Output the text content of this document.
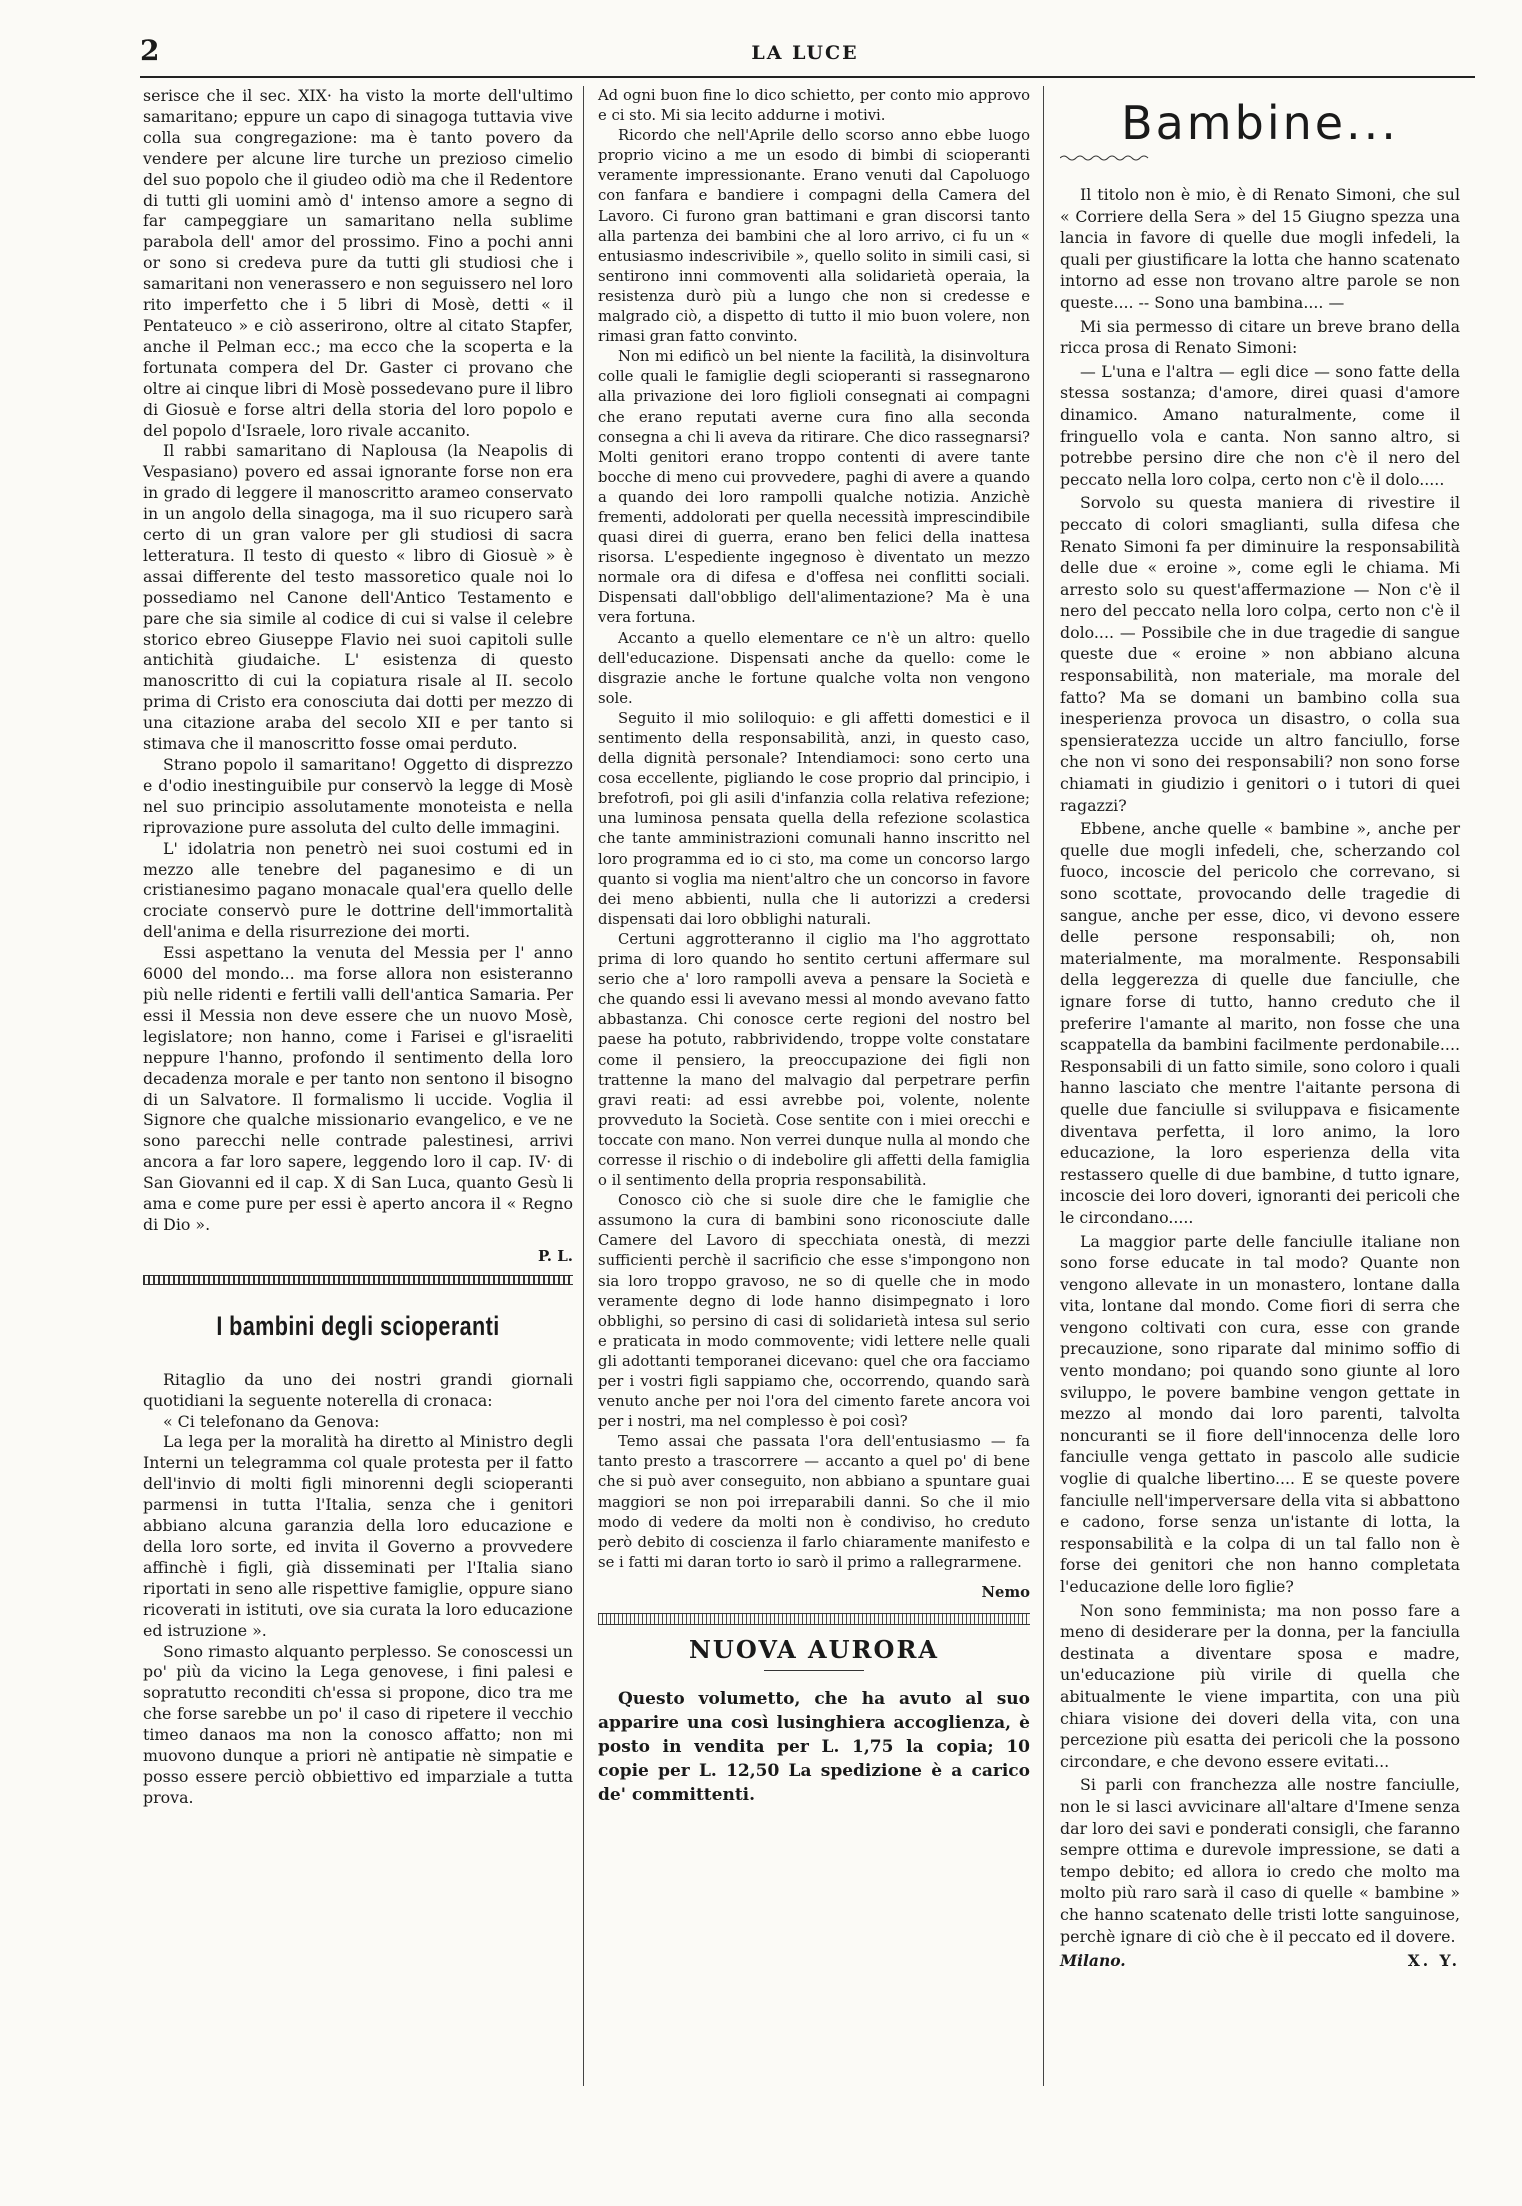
2	LA LUCE

serisce che il sec. XIX· ha visto la morte dell'ultimo samaritano; eppure un capo di sinagoga tuttavia vive colla sua congregazione: ma è tanto povero da vendere per alcune lire turche un prezioso cimelio del suo popolo che il giudeo odiò ma che il Redentore di tutti gli uomini amò d' intenso amore a segno di far campeggiare un samaritano nella sublime parabola dell' amor del prossimo. Fino a pochi anni or sono si credeva pure da tutti gli studiosi che i samaritani non venerassero e non seguissero nel loro rito imperfetto che i 5 libri di Mosè, detti « il Pentateuco » e ciò asserirono, oltre al citato Stapfer, anche il Pelman ecc.; ma ecco che la scoperta e la fortunata compera del Dr. Gaster ci provano che oltre ai cinque libri di Mosè possedevano pure il libro di Giosuè e forse altri della storia del loro popolo e del popolo d'Israele, loro rivale accanito.

Il rabbi samaritano di Naplousa (la Neapolis di Vespasiano) povero ed assai ignorante forse non era in grado di leggere il manoscritto arameo conservato in un angolo della sinagoga, ma il suo ricupero sarà certo di un gran valore per gli studiosi di sacra letteratura. Il testo di questo « libro di Giosuè » è assai differente del testo massoretico quale noi lo possediamo nel Canone dell'Antico Testamento e pare che sia simile al codice di cui si valse il celebre storico ebreo Giuseppe Flavio nei suoi capitoli sulle antichità giudaiche. L' esistenza di questo manoscritto di cui la copiatura risale al II. secolo prima di Cristo era conosciuta dai dotti per mezzo di una citazione araba del secolo XII e per tanto si stimava che il manoscritto fosse omai perduto.

Strano popolo il samaritano! Oggetto di disprezzo e d'odio inestinguibile pur conservò la legge di Mosè nel suo principio assolutamente monoteista e nella riprovazione pure assoluta del culto delle immagini.

L' idolatria non penetrò nei suoi costumi ed in mezzo alle tenebre del paganesimo e di un cristianesimo pagano monacale qual'era quello delle crociate conservò pure le dottrine dell'immortalità dell'anima e della risurrezione dei morti.

Essi aspettano la venuta del Messia per l' anno 6000 del mondo... ma forse allora non esisteranno più nelle ridenti e fertili valli dell'antica Samaria. Per essi il Messia non deve essere che un nuovo Mosè, legislatore; non hanno, come i Farisei e gl'israeliti neppure l'hanno, profondo il sentimento della loro decadenza morale e per tanto non sentono il bisogno di un Salvatore. Il formalismo li uccide. Voglia il Signore che qualche missionario evangelico, e ve ne sono parecchi nelle contrade palestinesi, arrivi ancora a far loro sapere, leggendo loro il cap. IV· di San Giovanni ed il cap. X di San Luca, quanto Gesù li ama e come pure per essi è aperto ancora il « Regno di Dio ».

P. L.

I bambini degli scioperanti

Ritaglio da uno dei nostri grandi giornali quotidiani la seguente noterella di cronaca:

« Ci telefonano da Genova:

La lega per la moralità ha diretto al Ministro degli Interni un telegramma col quale protesta per il fatto dell'invio di molti figli minorenni degli scioperanti parmensi in tutta l'Italia, senza che i genitori abbiano alcuna garanzia della loro educazione e della loro sorte, ed invita il Governo a provvedere affinchè i figli, già disseminati per l'Italia siano riportati in seno alle rispettive famiglie, oppure siano ricoverati in istituti, ove sia curata la loro educazione ed istruzione ».

Sono rimasto alquanto perplesso. Se conoscessi un po' più da vicino la Lega genovese, i fini palesi e sopratutto reconditi ch'essa si propone, dico tra me che forse sarebbe un po' il caso di ripetere il vecchio timeo danaos ma non la conosco affatto; non mi muovono dunque a priori nè antipatie nè simpatie e posso essere perciò obbiettivo ed imparziale a tutta prova.

Ad ogni buon fine lo dico schietto, per conto mio approvo e ci sto. Mi sia lecito addurne i motivi.

Ricordo che nell'Aprile dello scorso anno ebbe luogo proprio vicino a me un esodo di bimbi di scioperanti veramente impressionante. Erano venuti dal Capoluogo con fanfara e bandiere i compagni della Camera del Lavoro. Ci furono gran battimani e gran discorsi tanto alla partenza dei bambini che al loro arrivo, ci fu un « entusiasmo indescrivibile », quello solito in simili casi, si sentirono inni commoventi alla solidarietà operaia, la resistenza durò più a lungo che non si credesse e malgrado ciò, a dispetto di tutto il mio buon volere, non rimasi gran fatto convinto.

Non mi edificò un bel niente la facilità, la disinvoltura colle quali le famiglie degli scioperanti si rassegnarono alla privazione dei loro figlioli consegnati ai compagni che erano reputati averne cura fino alla seconda consegna a chi li aveva da ritirare. Che dico rassegnarsi? Molti genitori erano troppo contenti di avere tante bocche di meno cui provvedere, paghi di avere a quando a quando dei loro rampolli qualche notizia. Anzichè frementi, addolorati per quella necessità imprescindibile quasi direi di guerra, erano ben felici della inattesa risorsa. L'espediente ingegnoso è diventato un mezzo normale ora di difesa e d'offesa nei conflitti sociali. Dispensati dall'obbligo dell'alimentazione? Ma è una vera fortuna.

Accanto a quello elementare ce n'è un altro: quello dell'educazione. Dispensati anche da quello: come le disgrazie anche le fortune qualche volta non vengono sole.

Seguito il mio soliloquio: e gli affetti domestici e il sentimento della responsabilità, anzi, in questo caso, della dignità personale? Intendiamoci: sono certo una cosa eccellente, pigliando le cose proprio dal principio, i brefotrofi, poi gli asili d'infanzia colla relativa refezione; una luminosa pensata quella della refezione scolastica che tante amministrazioni comunali hanno inscritto nel loro programma ed io ci sto, ma come un concorso largo quanto si voglia ma nient'altro che un concorso in favore dei meno abbienti, nulla che li autorizzi a credersi dispensati dai loro obblighi naturali.

Certuni aggrotteranno il ciglio ma l'ho aggrottato prima di loro quando ho sentito certuni affermare sul serio che a' loro rampolli aveva a pensare la Società e che quando essi li avevano messi al mondo avevano fatto abbastanza. Chi conosce certe regioni del nostro bel paese ha potuto, rabbrividendo, troppe volte constatare come il pensiero, la preoccupazione dei figli non trattenne la mano del malvagio dal perpetrare perfin gravi reati: ad essi avrebbe poi, volente, nolente provveduto la Società. Cose sentite con i miei orecchi e toccate con mano. Non verrei dunque nulla al mondo che corresse il rischio o di indebolire gli affetti della famiglia o il sentimento della propria responsabilità.

Conosco ciò che si suole dire che le famiglie che assumono la cura di bambini sono riconosciute dalle Camere del Lavoro di specchiata onestà, di mezzi sufficienti perchè il sacrificio che esse s'impongono non sia loro troppo gravoso, ne so di quelle che in modo veramente degno di lode hanno disimpegnato i loro obblighi, so persino di casi di solidarietà intesa sul serio e praticata in modo commovente; vidi lettere nelle quali gli adottanti temporanei dicevano: quel che ora facciamo per i vostri figli sappiamo che, occorrendo, quando sarà venuto anche per noi l'ora del cimento farete ancora voi per i nostri, ma nel complesso è poi così?

Temo assai che passata l'ora dell'entusiasmo — fa tanto presto a trascorrere — accanto a quel po' di bene che si può aver conseguito, non abbiano a spuntare guai maggiori se non poi irreparabili danni. So che il mio modo di vedere da molti non è condiviso, ho creduto però debito di coscienza il farlo chiaramente manifesto e se i fatti mi daran torto io sarò il primo a rallegrarmene.

Nemo

NUOVA AURORA

Questo volumetto, che ha avuto al suo apparire una così lusinghiera accoglienza, è posto in vendita per L. 1,75 la copia; 10 copie per L. 12,50 La spedizione è a carico de' committenti.

Bambine...

Il titolo non è mio, è di Renato Simoni, che sul « Corriere della Sera » del 15 Giugno spezza una lancia in favore di quelle due mogli infedeli, la quali per giustificare la lotta che hanno scatenato intorno ad esse non trovano altre parole se non queste.... -- Sono una bambina.... —

Mi sia permesso di citare un breve brano della ricca prosa di Renato Simoni:

— L'una e l'altra — egli dice — sono fatte della stessa sostanza; d'amore, direi quasi d'amore dinamico. Amano naturalmente, come il fringuello vola e canta. Non sanno altro, si potrebbe persino dire che non c'è il nero del peccato nella loro colpa, certo non c'è il dolo.....

Sorvolo su questa maniera di rivestire il peccato di colori smaglianti, sulla difesa che Renato Simoni fa per diminuire la responsabilità delle due « eroine », come egli le chiama. Mi arresto solo su quest'affermazione — Non c'è il nero del peccato nella loro colpa, certo non c'è il dolo.... — Possibile che in due tragedie di sangue queste due « eroine » non abbiano alcuna responsabilità, non materiale, ma morale del fatto? Ma se domani un bambino colla sua inesperienza provoca un disastro, o colla sua spensieratezza uccide un altro fanciullo, forse che non vi sono dei responsabili? non sono forse chiamati in giudizio i genitori o i tutori di quei ragazzi?

Ebbene, anche quelle « bambine », anche per quelle due mogli infedeli, che, scherzando col fuoco, incoscie del pericolo che correvano, si sono scottate, provocando delle tragedie di sangue, anche per esse, dico, vi devono essere delle persone responsabili; oh, non materialmente, ma moralmente. Responsabili della leggerezza di quelle due fanciulle, che ignare forse di tutto, hanno creduto che il preferire l'amante al marito, non fosse che una scappatella da bambini facilmente perdonabile.... Responsabili di un fatto simile, sono coloro i quali hanno lasciato che mentre l'aitante persona di quelle due fanciulle si sviluppava e fisicamente diventava perfetta, il loro animo, la loro educazione, la loro esperienza della vita restassero quelle di due bambine, d tutto ignare, incoscie dei loro doveri, ignoranti dei pericoli che le circondano.....

La maggior parte delle fanciulle italiane non sono forse educate in tal modo? Quante non vengono allevate in un monastero, lontane dalla vita, lontane dal mondo. Come fiori di serra che vengono coltivati con cura, esse con grande precauzione, sono riparate dal minimo soffio di vento mondano; poi quando sono giunte al loro sviluppo, le povere bambine vengon gettate in mezzo al mondo dai loro parenti, talvolta noncuranti se il fiore dell'innocenza delle loro fanciulle venga gettato in pascolo alle sudicie voglie di qualche libertino.... E se queste povere fanciulle nell'imperversare della vita si abbattono e cadono, forse senza un'istante di lotta, la responsabilità e la colpa di un tal fallo non è forse dei genitori che non hanno completata l'educazione delle loro figlie?

Non sono femminista; ma non posso fare a meno di desiderare per la donna, per la fanciulla destinata a diventare sposa e madre, un'educazione più virile di quella che abitualmente le viene impartita, con una più chiara visione dei doveri della vita, con una percezione più esatta dei pericoli che la possono circondare, e che devono essere evitati...

Si parli con franchezza alle nostre fanciulle, non le si lasci avvicinare all'altare d'Imene senza dar loro dei savi e ponderati consigli, che faranno sempre ottima e durevole impressione, se dati a tempo debito; ed allora io credo che molto ma molto più raro sarà il caso di quelle « bambine » che hanno scatenato delle tristi lotte sanguinose, perchè ignare di ciò che è il peccato ed il dovere.

Milano.	X. Y.
